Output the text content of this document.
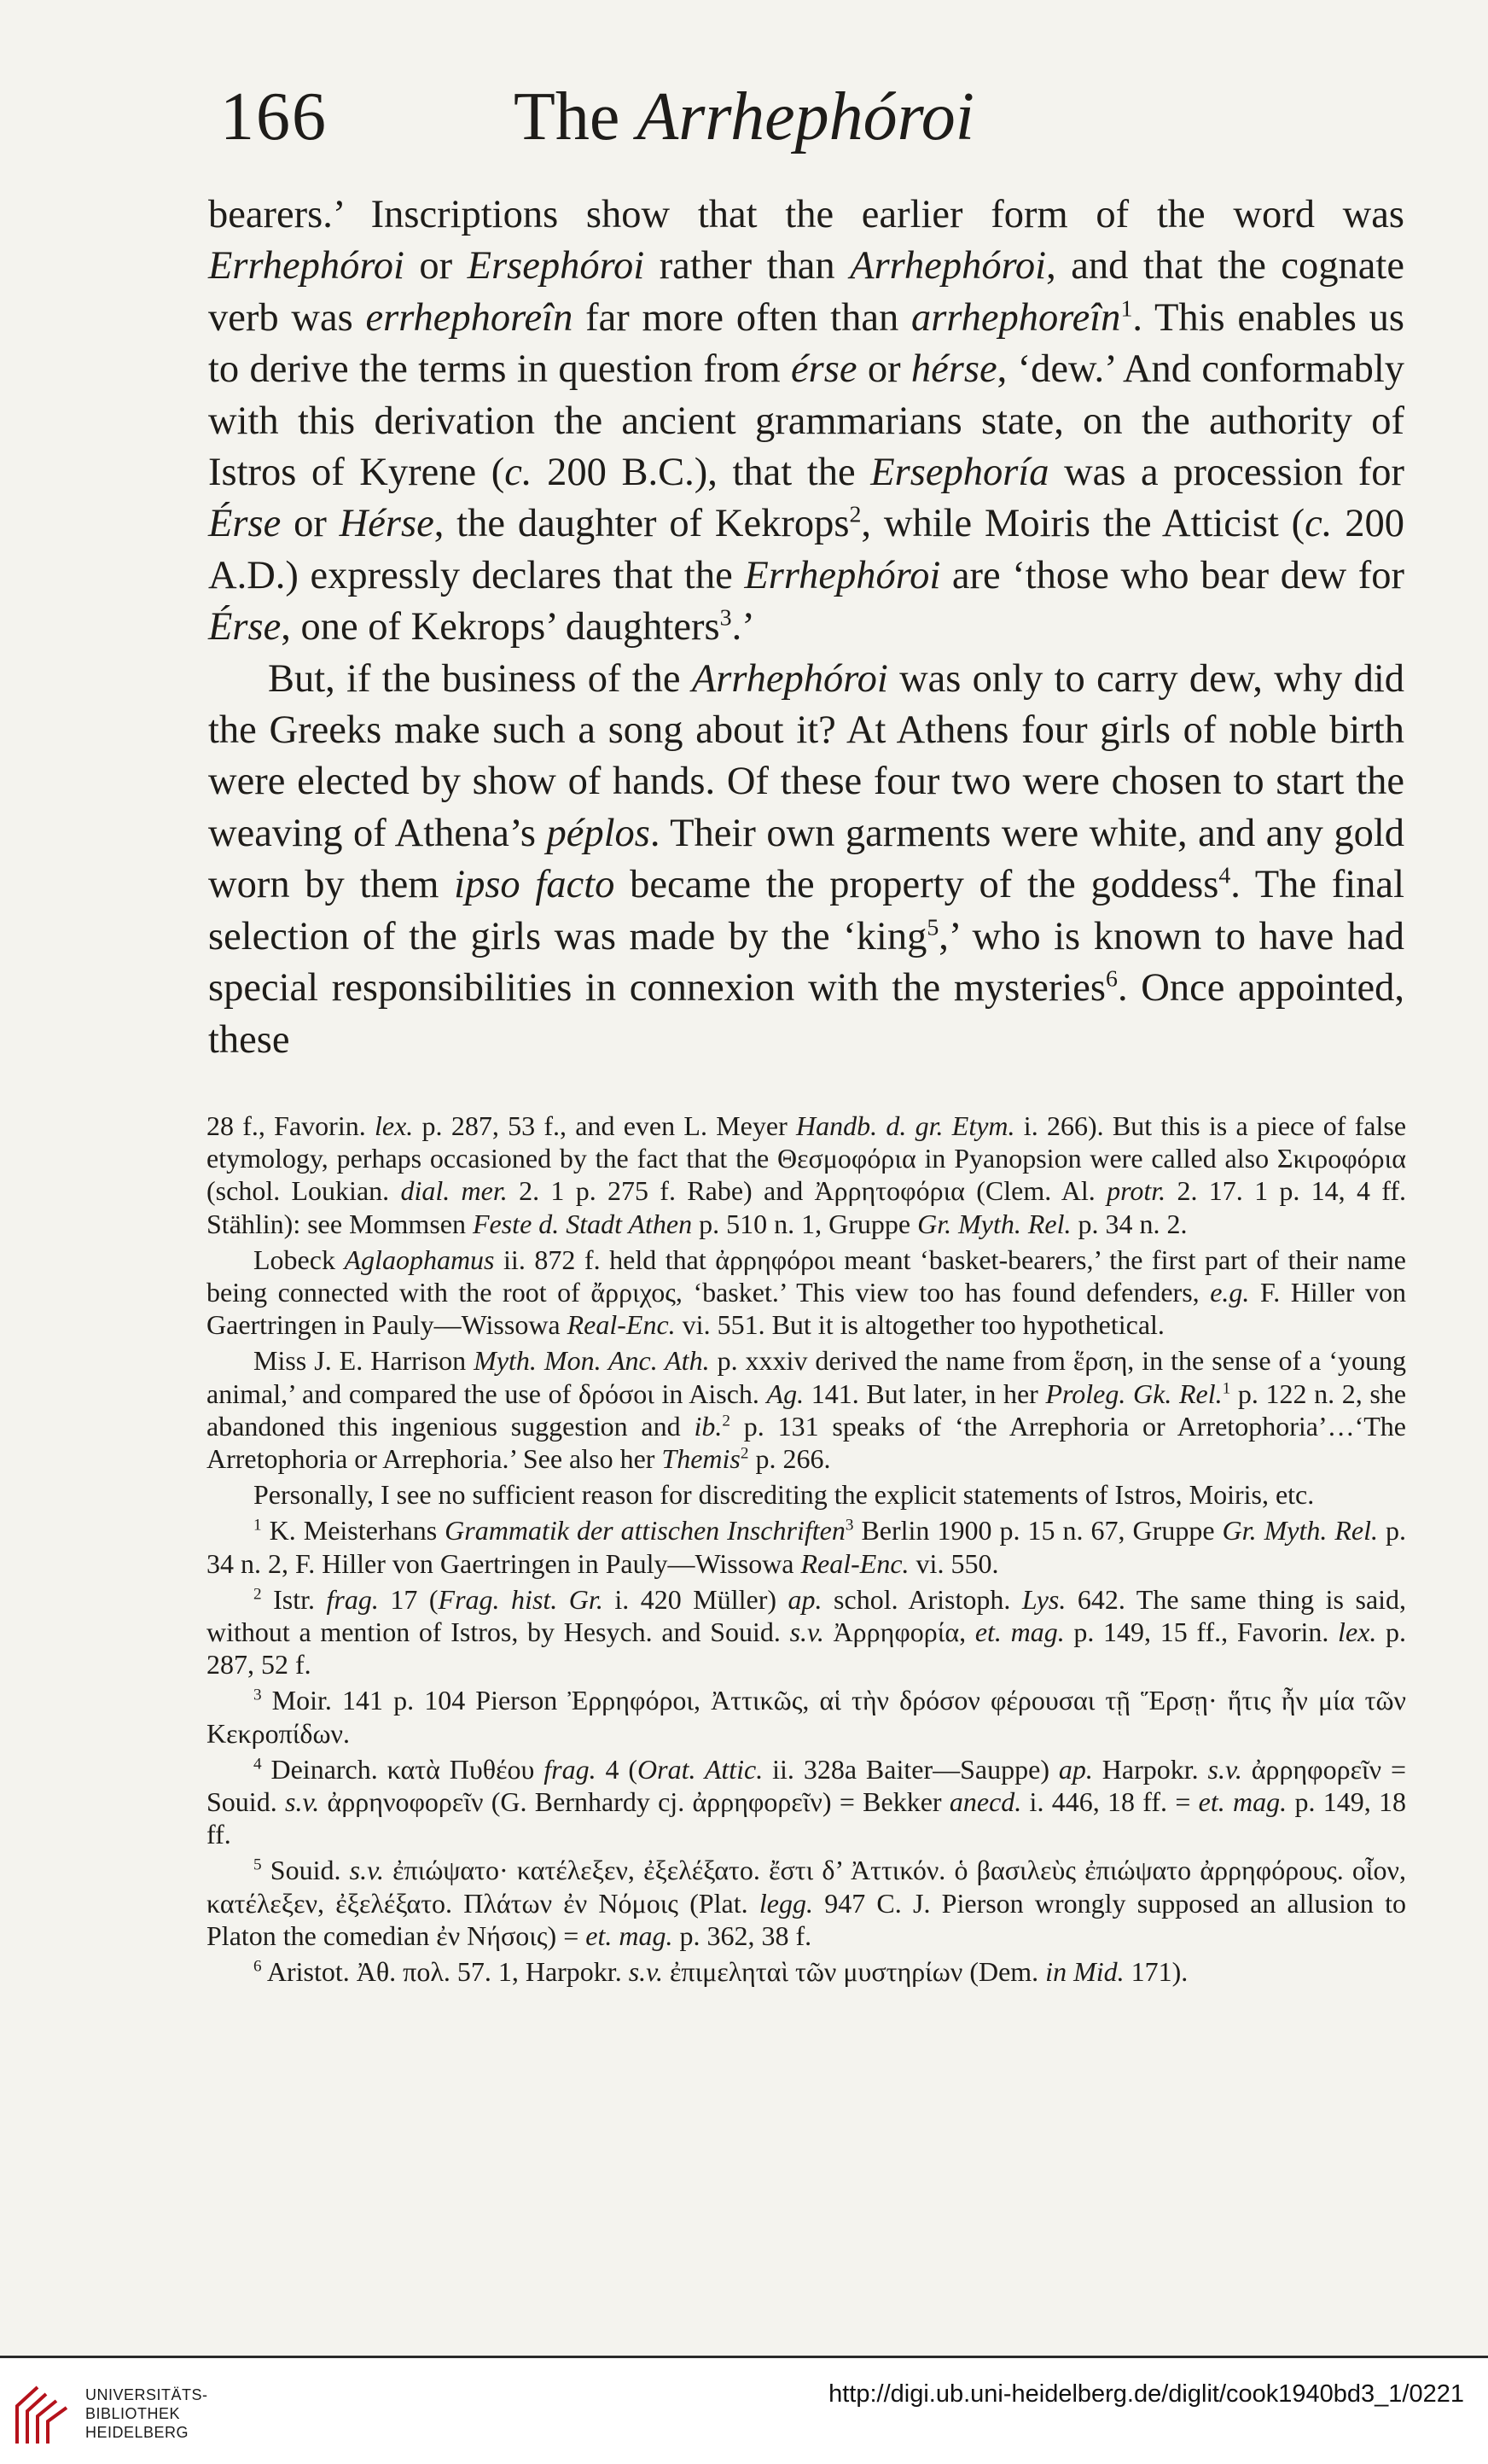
166	The Arrhephóroi

bearers.’ Inscriptions show that the earlier form of the word was Errhephóroi or Ersephóroi rather than Arrhephóroi, and that the cognate verb was errhephoreîn far more often than arrhephoreîn$^1$. This enables us to derive the terms in question from érse or hérse, ‘dew.’ And conformably with this derivation the ancient grammarians state, on the authority of Istros of Kyrene (c. 200 B.C.), that the Ersephoría was a procession for Érse or Hérse, the daughter of Kekrops$^2$, while Moiris the Atticist (c. 200 A.D.) expressly declares that the Errhephóroi are ‘those who bear dew for Érse, one of Kekrops’ daughters$^3$.’

But, if the business of the Arrhephóroi was only to carry dew, why did the Greeks make such a song about it? At Athens four girls of noble birth were elected by show of hands. Of these four two were chosen to start the weaving of Athena’s péplos. Their own garments were white, and any gold worn by them ipso facto became the property of the goddess$^4$. The final selection of the girls was made by the ‘king$^5$,’ who is known to have had special responsibilities in connexion with the mysteries$^6$. Once appointed, these

28 f., Favorin. lex. p. 287, 53 f., and even L. Meyer Handb. d. gr. Etym. i. 266). But this is a piece of false etymology, perhaps occasioned by the fact that the Θεσμοφόρια in Pyanopsion were called also Σκιροφόρια (schol. Loukian. dial. mer. 2. 1 p. 275 f. Rabe) and Ἀρρητοφόρια (Clem. Al. protr. 2. 17. 1 p. 14, 4 ff. Stählin): see Mommsen Feste d. Stadt Athen p. 510 n. 1, Gruppe Gr. Myth. Rel. p. 34 n. 2.

Lobeck Aglaophamus ii. 872 f. held that ἀρρηφόροι meant ‘basket-bearers,’ the first part of their name being connected with the root of ἄρριχος, ‘basket.’ This view too has found defenders, e.g. F. Hiller von Gaertringen in Pauly—Wissowa Real-Enc. vi. 551. But it is altogether too hypothetical.

Miss J. E. Harrison Myth. Mon. Anc. Ath. p. xxxiv derived the name from ἕρση, in the sense of a ‘young animal,’ and compared the use of δρόσοι in Aisch. Ag. 141. But later, in her Proleg. Gk. Rel.$^1$ p. 122 n. 2, she abandoned this ingenious suggestion and ib.$^2$ p. 131 speaks of ‘the Arrephoria or Arretophoria’…‘The Arretophoria or Arrephoria.’ See also her Themis$^2$ p. 266.

Personally, I see no sufficient reason for discrediting the explicit statements of Istros, Moiris, etc.

$^1$ K. Meisterhans Grammatik der attischen Inschriften$^3$ Berlin 1900 p. 15 n. 67, Gruppe Gr. Myth. Rel. p. 34 n. 2, F. Hiller von Gaertringen in Pauly—Wissowa Real-Enc. vi. 550.

$^2$ Istr. frag. 17 (Frag. hist. Gr. i. 420 Müller) ap. schol. Aristoph. Lys. 642. The same thing is said, without a mention of Istros, by Hesych. and Souid. s.v. Ἀρρηφορία, et. mag. p. 149, 15 ff., Favorin. lex. p. 287, 52 f.

$^3$ Moir. 141 p. 104 Pierson Ἐρρηφόροι, Ἀττικῶς, αἱ τὴν δρόσον φέρουσαι τῇ Ἕρσῃ· ἥτις ἦν μία τῶν Κεκροπίδων.

$^4$ Deinarch. κατὰ Πυθέου frag. 4 (Orat. Attic. ii. 328a Baiter—Sauppe) ap. Harpokr. s.v. ἀρρηφορεῖν = Souid. s.v. ἀρρηνοφορεῖν (G. Bernhardy cj. ἀρρηφορεῖν) = Bekker anecd. i. 446, 18 ff. = et. mag. p. 149, 18 ff.

$^5$ Souid. s.v. ἐπιώψατο· κατέλεξεν, ἐξελέξατο. ἔστι δ’ Ἀττικόν. ὁ βασιλεὺς ἐπιώψατο ἀρρηφόρους. οἷον, κατέλεξεν, ἐξελέξατο. Πλάτων ἐν Νόμοις (Plat. legg. 947 C. J. Pierson wrongly supposed an allusion to Platon the comedian ἐν Νήσοις) = et. mag. p. 362, 38 f.

$^6$ Aristot. Ἀθ. πολ. 57. 1, Harpokr. s.v. ἐπιμεληταὶ τῶν μυστηρίων (Dem. in Mid. 171).

UNIVERSITÄTS-
BIBLIOTHEK
HEIDELBERG
http://digi.ub.uni-heidelberg.de/diglit/cook1940bd3_1/0221
